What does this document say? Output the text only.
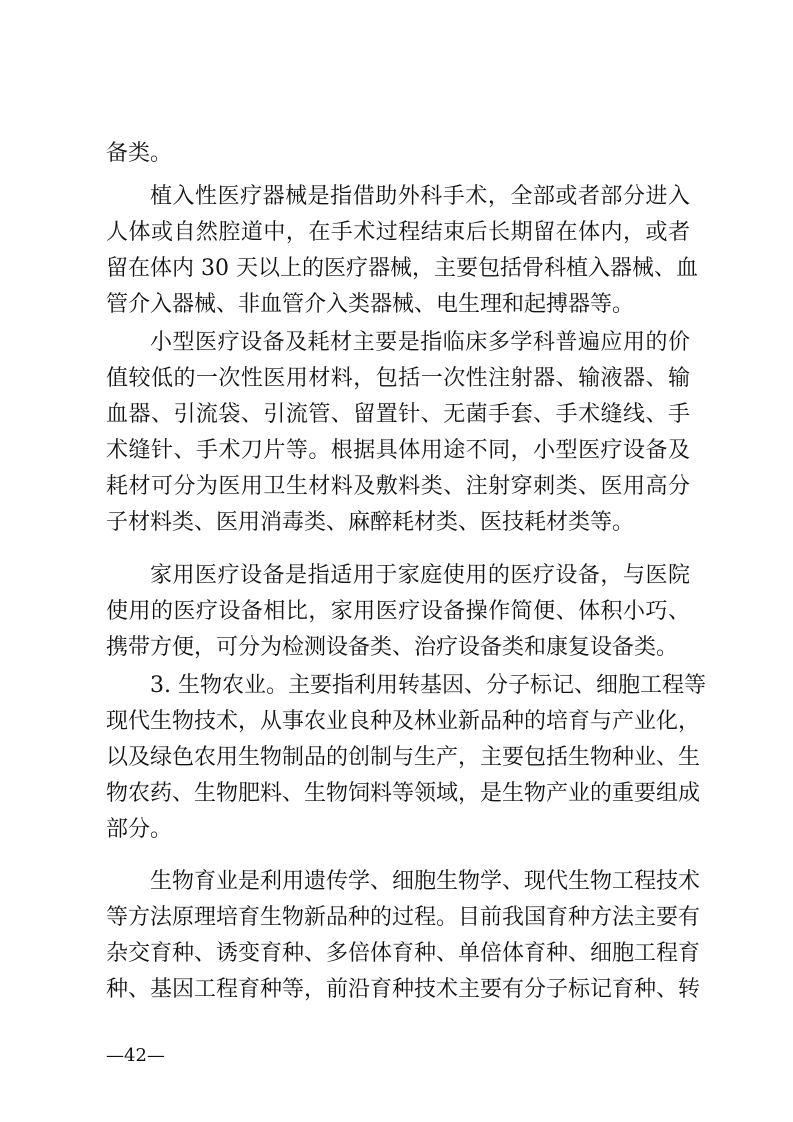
备类。

植入性医疗器械是指借助外科手术，全部或者部分进入

人体或自然腔道中，在手术过程结束后长期留在体内，或者

留在体内 30 天以上的医疗器械，主要包括骨科植入器械、血

管介入器械、非血管介入类器械、电生理和起搏器等。

小型医疗设备及耗材主要是指临床多学科普遍应用的价

值较低的一次性医用材料，包括一次性注射器、输液器、输

血器、引流袋、引流管、留置针、无菌手套、手术缝线、手

术缝针、手术刀片等。根据具体用途不同，小型医疗设备及

耗材可分为医用卫生材料及敷料类、注射穿刺类、医用高分

子材料类、医用消毒类、麻醉耗材类、医技耗材类等。

家用医疗设备是指适用于家庭使用的医疗设备，与医院

使用的医疗设备相比，家用医疗设备操作简便、体积小巧、

携带方便，可分为检测设备类、治疗设备类和康复设备类。

3. 生物农业。主要指利用转基因、分子标记、细胞工程等

现代生物技术，从事农业良种及林业新品种的培育与产业化，

以及绿色农用生物制品的创制与生产，主要包括生物种业、生

物农药、生物肥料、生物饲料等领域，是生物产业的重要组成

部分。

生物育业是利用遗传学、细胞生物学、现代生物工程技术

等方法原理培育生物新品种的过程。目前我国育种方法主要有

杂交育种、诱变育种、多倍体育种、单倍体育种、细胞工程育

种、基因工程育种等，前沿育种技术主要有分子标记育种、转

—42—
